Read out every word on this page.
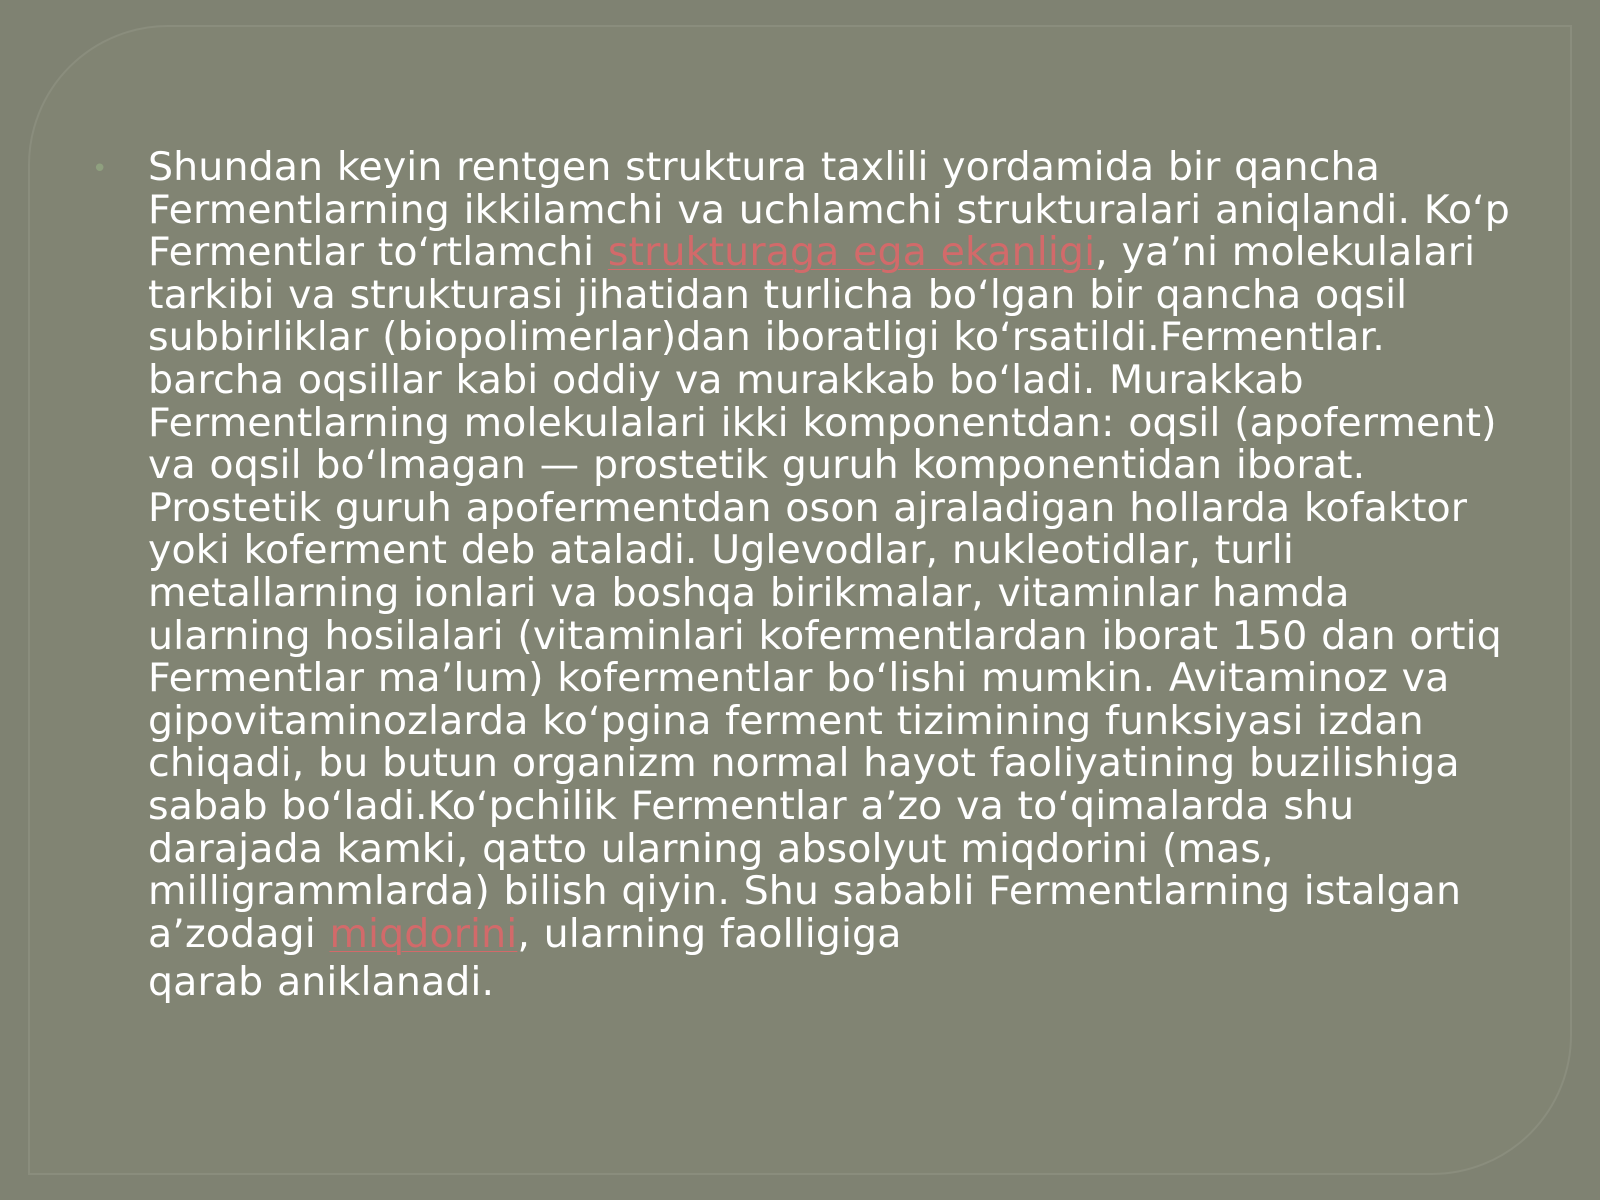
• Shundan keyin rentgen struktura taxlili yordamida bir qancha Fermentlarning ikkilamchi va uchlamchi strukturalari aniqlandi. Koʻp Fermentlar toʻrtlamchi strukturaga ega ekanligi, yaʼni molekulalari tarkibi va strukturasi jihatidan turlicha boʻlgan bir qancha oqsil subbirliklar (biopolimerlar)dan iboratligi koʻrsatildi.Fermentlar. barcha oqsillar kabi oddiy va murakkab boʻladi. Murakkab Fermentlarning molekulalari ikki komponentdan: oqsil (apoferment) va oqsil boʻlmagan — prostetik guruh komponentidan iborat. Prostetik guruh apofermentdan oson ajraladigan hollarda kofaktor yoki koferment deb ataladi. Uglevodlar, nukleotidlar, turli metallarning ionlari va boshqa birikmalar, vitaminlar hamda ularning hosilalari (vitaminlari kofermentlardan iborat 150 dan ortiq Fermentlar maʼlum) kofermentlar boʻlishi mumkin. Avitaminoz va gipovitaminozlarda koʻpgina ferment tizimining funksiyasi izdan chiqadi, bu butun organizm normal hayot faoliyatining buzilishiga sabab boʻladi.Koʻpchilik Fermentlar aʼzo va toʻqimalarda shu darajada kamki, qatto ularning absolyut miqdorini (mas, milligrammlarda) bilish qiyin. Shu sababli Fermentlarning istalgan aʼzodagi miqdorini, ularning faolligiga
qarab aniklanadi.
